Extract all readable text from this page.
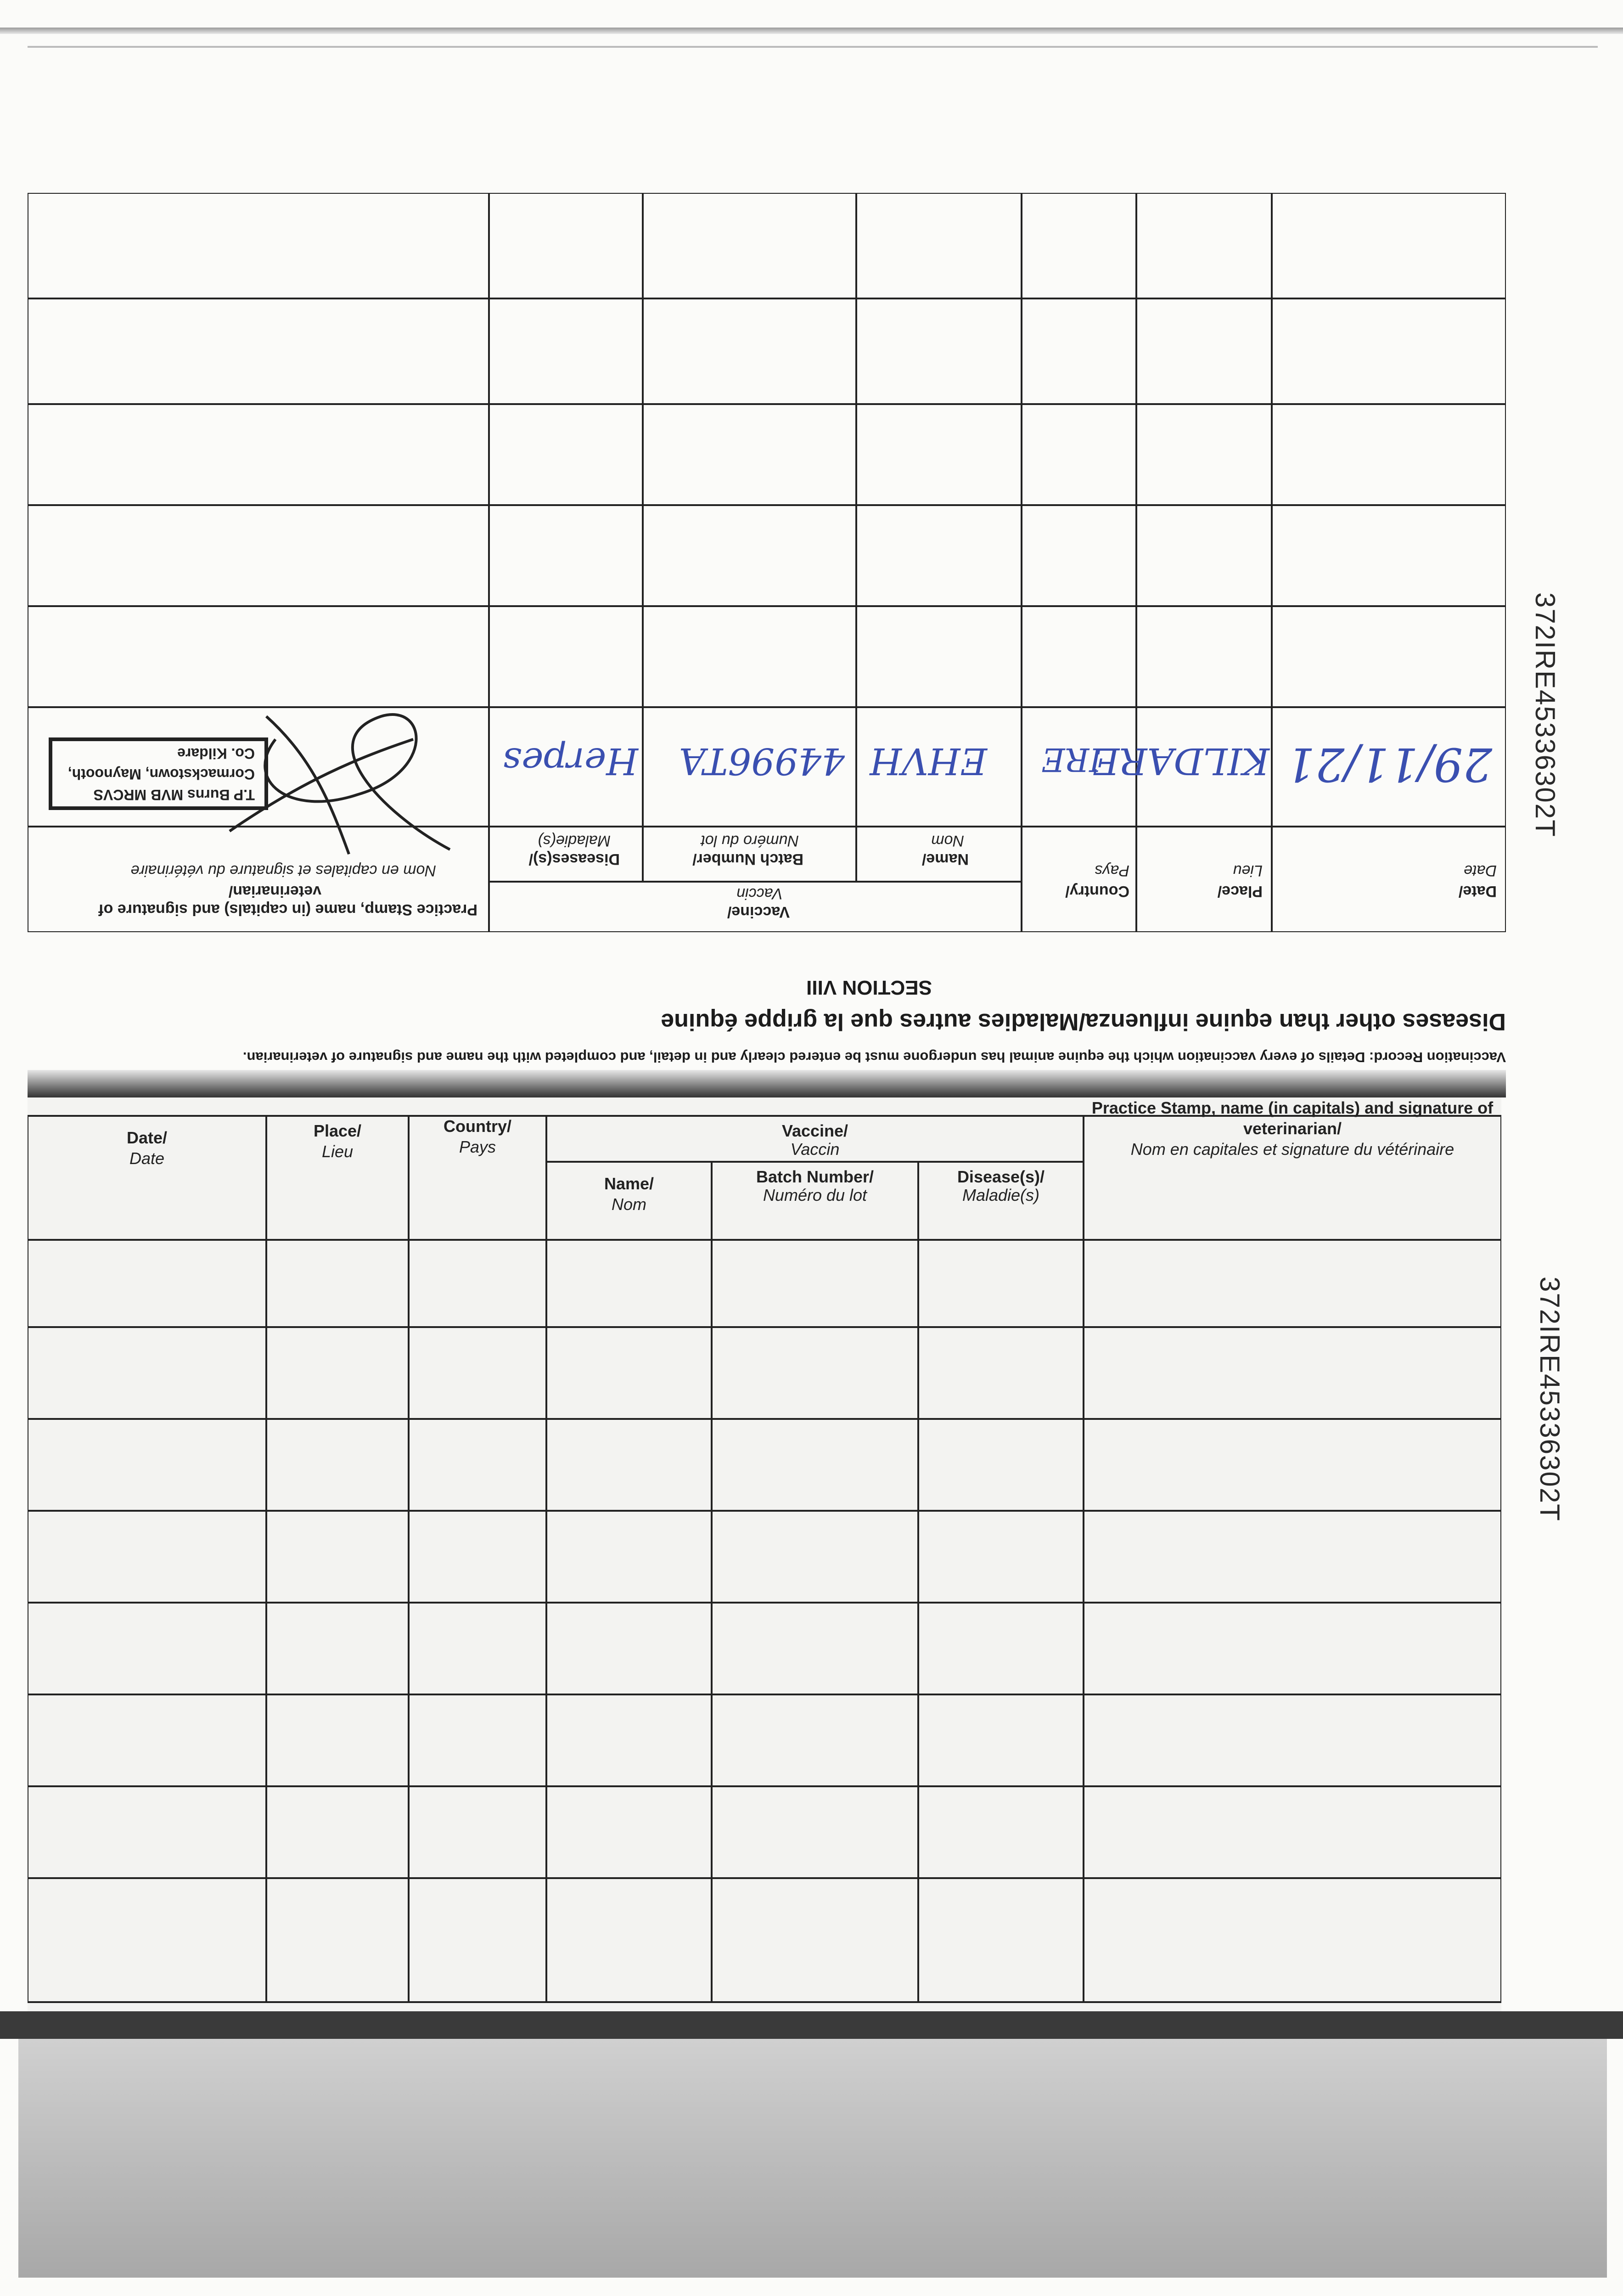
Date/
Date
Place/
Lieu
Country/
Pays
Vaccine/
Vaccin
Name/
Nom
Batch Number/
Numéro du lot
Diseases(s)/
Maladie(s)
Practice Stamp, name (in capitals) and signature of
veterinarian/
Nom en capitales et signature du vétérinaire
29/11/21
KILDARE
IRE
EHVH
44996TA
Herpes
T.P Burns MVB MRCVS
Cormackstown, Maynooth,
Co. Kildare
Vaccination Record: Details of every vaccination which the equine animal has undergone must be entered clearly and in detail, and completed with the name and signature of veterinarian.
Diseases other than equine influenza/Maladies autres que la grippe équine
SECTION VIII
372IRE45336302T
Date/
Date
Place/
Lieu
Country/
Pays
Vaccine/
Vaccin
Name/
Nom
Batch Number/
Numéro du lot
Disease(s)/
Maladie(s)
Practice Stamp, name (in capitals) and signature of
veterinarian/
Nom en capitales et signature du vétérinaire
372IRE45336302T
